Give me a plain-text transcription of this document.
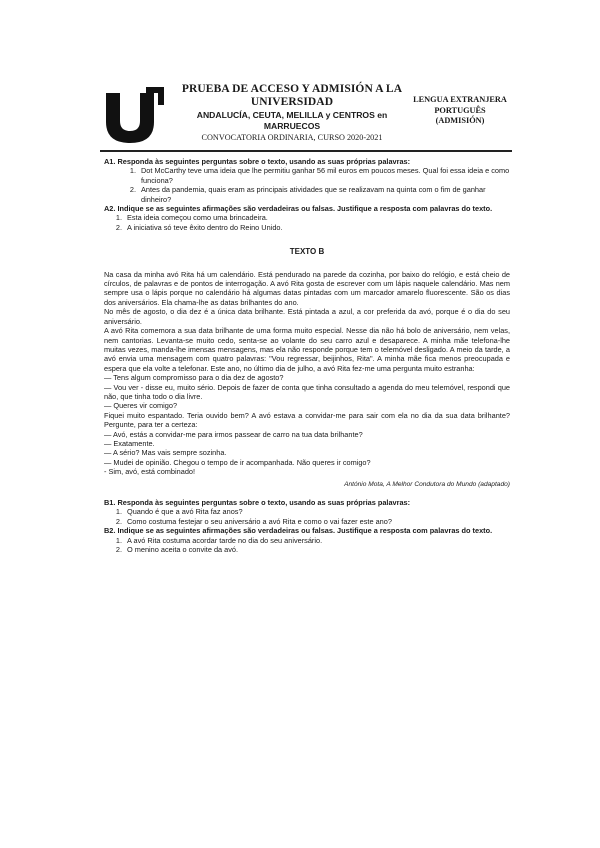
PRUEBA DE ACCESO Y ADMISIÓN A LA
UNIVERSIDAD
ANDALUCÍA, CEUTA, MELILLA y CENTROS en MARRUECOS
CONVOCATORIA ORDINARIA, CURSO 2020-2021
LENGUA EXTRANJERA
PORTUGUÊS
(ADMISIÓN)
A1. Responda às seguintes perguntas sobre o texto, usando as suas próprias palavras:
1. Dot McCarthy teve uma ideia que lhe permitiu ganhar 56 mil euros em poucos meses. Qual foi essa ideia e como funciona?
2. Antes da pandemia, quais eram as principais atividades que se realizavam na quinta com o fim de ganhar dinheiro?
A2. Indique se as seguintes afirmações são verdadeiras ou falsas. Justifique a resposta com palavras do texto.
1. Esta ideia começou como uma brincadeira.
2. A iniciativa só teve êxito dentro do Reino Unido.
TEXTO B

Na casa da minha avó Rita há um calendário. Está pendurado na parede da cozinha, por baixo do relógio, e está cheio de círculos, de palavras e de pontos de interrogação. A avó Rita gosta de escrever com um lápis naquele calendário. Mas nem sempre usa o lápis porque no calendário há algumas datas pintadas com um marcador amarelo fluorescente. São os dias dos aniversários. Ela chama-lhe as datas brilhantes do ano.

No mês de agosto, o dia dez é a única data brilhante. Está pintada a azul, a cor preferida da avó, porque é o dia do seu aniversário.

A avó Rita comemora a sua data brilhante de uma forma muito especial. Nesse dia não há bolo de aniversário, nem velas, nem cantorias. Levanta-se muito cedo, senta-se ao volante do seu carro azul e desaparece. A minha mãe telefona-lhe muitas vezes, manda-lhe imensas mensagens, mas ela não responde porque tem o telemóvel desligado. A meio da tarde, a avó envia uma mensagem com quatro palavras: "Vou regressar, beijinhos, Rita". A minha mãe fica menos preocupada e espera que ela volte a telefonar. Este ano, no último dia de julho, a avó Rita fez-me uma pergunta muito estranha:

— Tens algum compromisso para o dia dez de agosto?

— Vou ver - disse eu, muito sério. Depois de fazer de conta que tinha consultado a agenda do meu telemóvel, respondi que não, que tinha todo o dia livre.

— Queres vir comigo?

Fiquei muito espantado. Teria ouvido bem? A avó estava a convidar-me para sair com ela no dia da sua data brilhante? Pergunte, para ter a certeza:

— Avó, estás a convidar-me para irmos passear de carro na tua data brilhante?

— Exatamente.

— A sério? Mas vais sempre sozinha.

— Mudei de opinião. Chegou o tempo de ir acompanhada. Não queres ir comigo?

- Sim, avó, está combinado!

António Mota, A Melhor Condutora do Mundo (adaptado)
B1. Responda às seguintes perguntas sobre o texto, usando as suas próprias palavras:
1. Quando é que a avó Rita faz anos?
2. Como costuma festejar o seu aniversário a avó Rita e como o vai fazer este ano?
B2. Indique se as seguintes afirmações são verdadeiras ou falsas. Justifique a resposta com palavras do texto.
1. A avó Rita costuma acordar tarde no dia do seu aniversário.
2. O menino aceita o convite da avó.
